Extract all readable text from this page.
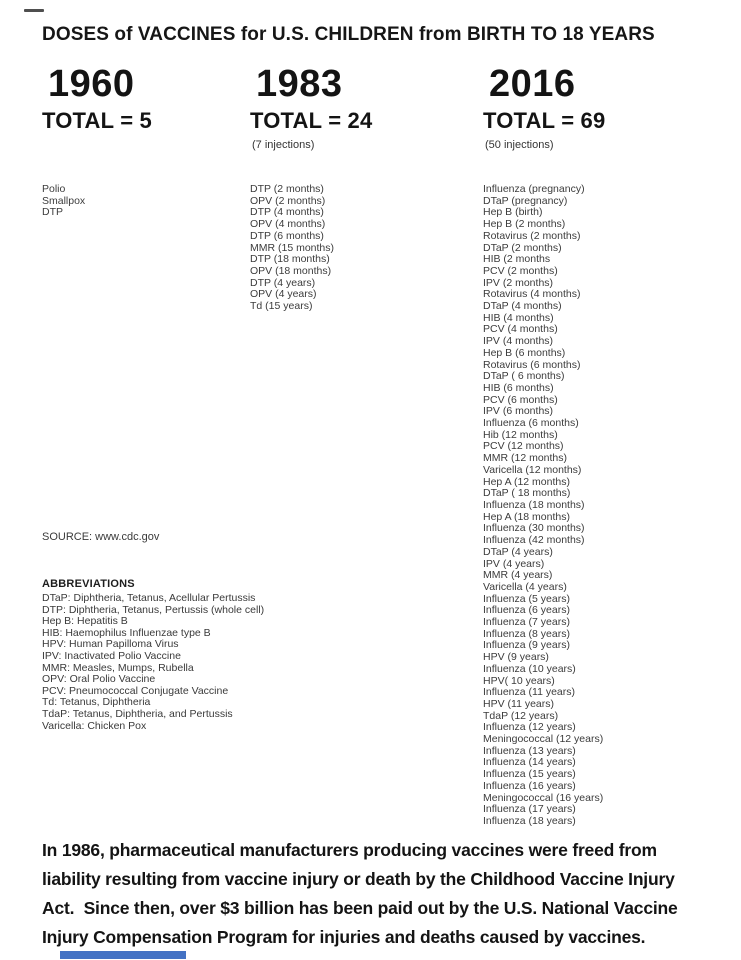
DOSES of VACCINES for U.S. CHILDREN from BIRTH TO 18 YEARS
1960
TOTAL = 5
Polio
Smallpox
DTP
1983
TOTAL = 24
(7 injections)
DTP (2 months)
OPV (2 months)
DTP (4 months)
OPV (4 months)
DTP (6 months)
MMR (15 months)
DTP (18 months)
OPV (18 months)
DTP (4 years)
OPV (4 years)
Td (15 years)
2016
TOTAL = 69
(50 injections)
Influenza (pregnancy)
DTaP (pregnancy)
Hep B (birth)
Hep B (2 months)
Rotavirus (2 months)
DTaP (2 months)
HIB (2 months
PCV (2 months)
IPV (2 months)
Rotavirus (4 months)
DTaP (4 months)
HIB (4 months)
PCV (4 months)
IPV (4 months)
Hep B (6 months)
Rotavirus (6 months)
DTaP ( 6 months)
HIB (6 months)
PCV (6 months)
IPV (6 months)
Influenza (6 months)
Hib (12 months)
PCV (12 months)
MMR (12 months)
Varicella (12 months)
Hep A (12 months)
DTaP ( 18 months)
Influenza (18 months)
Hep A (18 months)
Influenza (30 months)
Influenza (42 months)
DTaP (4 years)
IPV (4 years)
MMR (4 years)
Varicella (4 years)
Influenza (5 years)
Influenza (6 years)
Influenza (7 years)
Influenza (8 years)
Influenza (9 years)
HPV (9 years)
Influenza (10 years)
HPV( 10 years)
Influenza (11 years)
HPV (11 years)
TdaP (12 years)
Influenza (12 years)
Meningococcal (12 years)
Influenza (13 years)
Influenza (14 years)
Influenza (15 years)
Influenza (16 years)
Meningococcal (16 years)
Influenza (17 years)
Influenza (18 years)
SOURCE: www.cdc.gov
ABBREVIATIONS
DTaP: Diphtheria, Tetanus, Acellular Pertussis
DTP: Diphtheria, Tetanus, Pertussis (whole cell)
Hep B: Hepatitis B
HIB: Haemophilus Influenzae type B
HPV: Human Papilloma Virus
IPV: Inactivated Polio Vaccine
MMR: Measles, Mumps, Rubella
OPV: Oral Polio Vaccine
PCV: Pneumococcal Conjugate Vaccine
Td: Tetanus, Diphtheria
TdaP: Tetanus, Diphtheria, and Pertussis
Varicella: Chicken Pox
In 1986, pharmaceutical manufacturers producing vaccines were freed from
liability resulting from vaccine injury or death by the Childhood Vaccine Injury
Act.  Since then, over $3 billion has been paid out by the U.S. National Vaccine
Injury Compensation Program for injuries and deaths caused by vaccines.
